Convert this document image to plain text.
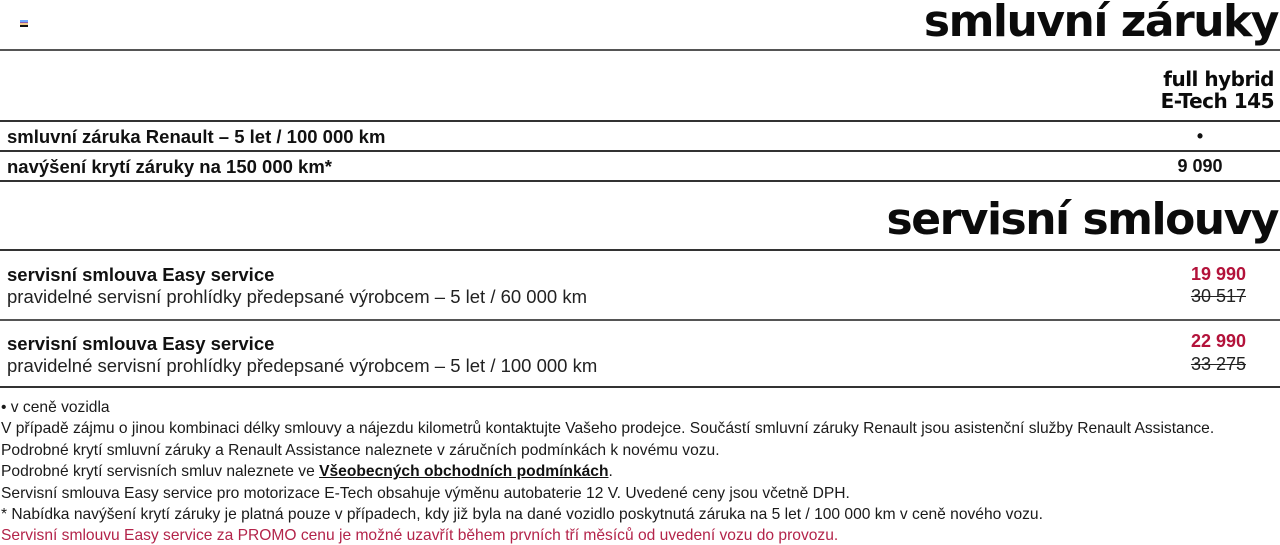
smluvní záruky
full hybrid
E-Tech 145
smluvní záruka Renault – 5 let / 100 000 km	•
navýšení krytí záruky na 150 000 km*	9 090
servisní smlouvy
servisní smlouva Easy service
pravidelné servisní prohlídky předepsané výrobcem – 5 let / 60 000 km
19 990
30 517
servisní smlouva Easy service
pravidelné servisní prohlídky předepsané výrobcem – 5 let / 100 000 km
22 990
33 275
• v ceně vozidla
V případě zájmu o jinou kombinaci délky smlouvy a nájezdu kilometrů kontaktujte Vašeho prodejce. Součástí smluvní záruky Renault jsou asistenční služby Renault Assistance.
Podrobné krytí smluvní záruky a Renault Assistance naleznete v záručních podmínkách k novému vozu.
Podrobné krytí servisních smluv naleznete ve Všeobecných obchodních podmínkách.
Servisní smlouva Easy service pro motorizace E-Tech obsahuje výměnu autobaterie 12 V. Uvedené ceny jsou včetně DPH.
* Nabídka navýšení krytí záruky je platná pouze v případech, kdy již byla na dané vozidlo poskytnutá záruka na 5 let / 100 000 km v ceně nového vozu.
Servisní smlouvu Easy service za PROMO cenu je možné uzavřít během prvních tří měsíců od uvedení vozu do provozu.
